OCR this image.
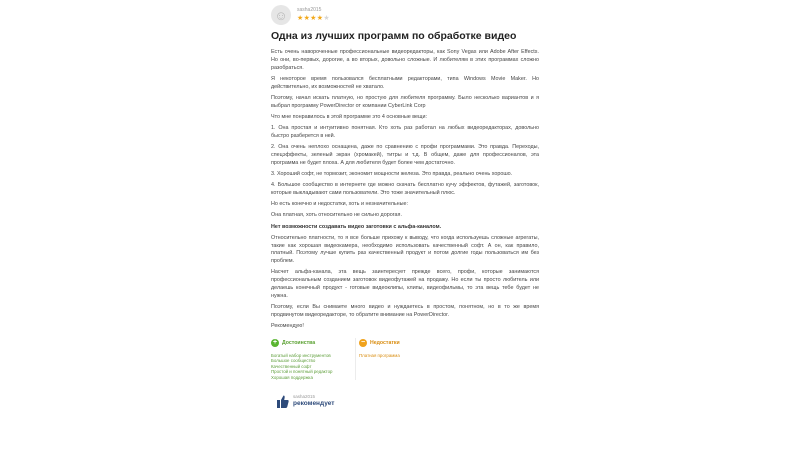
☺	sasha2015
★★★★★
Одна из лучших программ по обработке видео

Есть очень навороченные профессиональные видеоредакторы, как Sony Vegas или Adobe After Effects. Но они, во-первых, дорогие, а во вторых, довольно сложные. И любителям в этих программах сложно разобраться.

Я некоторое время пользовался бесплатными редакторами, типа Windows Movie Maker. Но действительно, их возможностей не хватало.

Поэтому, начал искать платную, но простую для любителя программу. Было несколько вариантов и я выбрал программу PowerDirector от компании CyberLink Corp

Что мне понравилось в этой программе это 4 основные вещи:

1. Она простая и интуитивно понятная. Кто хоть раз работал на любых видеоредакторах, довольно быстро разберется в ней.

2. Она очень неплохо оснащена, даже по сравнению с профи программами. Это правда. Переходы, спецэффекты, зеленый экран (хромакей), титры и т.д. В общем, даже для профессионалов, эта программа не будет плоха. А для любителя будет более чем достаточно.

3. Хороший софт, не тормозит, экономит мощности железа. Это правда, реально очень хорошо.

4. Большое сообщество в интернете где можно скачать бесплатно кучу эффектов, футажей, заготовок, которые выкладывают сами пользователи. Это тоже значительный плюс.

Но есть конечно и недостатки, хоть и незначительные:

Она платная, хоть относительно не сильно дорогая.

Нет возможности создавать видео заготовки с альфа-каналом.

Относительно платности, то я все больше прихожу к выводу, что когда используешь сложные агрегаты, такие как хорошая видеокамера, необходимо использовать качественный софт. А он, как правило, платный. Поэтому лучше купить раз качественный продукт и потом долгие годы пользоваться им без проблем.

Насчет альфа-канала, эта вещь заинтересует прежде всего, профи, которые занимаются профессиональным созданием заготовок видеофутажей на продажу. Но если ты просто любитель или делаешь конечный продукт - готовые видеоклипы, клипы, видеофильмы, то эта вещь тебе будет не нужна.

Поэтому, если Вы снимаете много видео и нуждаетесь в простом, понятном, но в то же время продвинутом видеоредакторе, то обратите внимание на PowerDirector.

Рекомендую!

+ Достоинства
Богатый набор инструментов
Большое сообщество
Качественный софт
Простой и понятный редактор
Хорошая поддержка
− Недостатки
Платная программа
sasha2015
рекомендует
